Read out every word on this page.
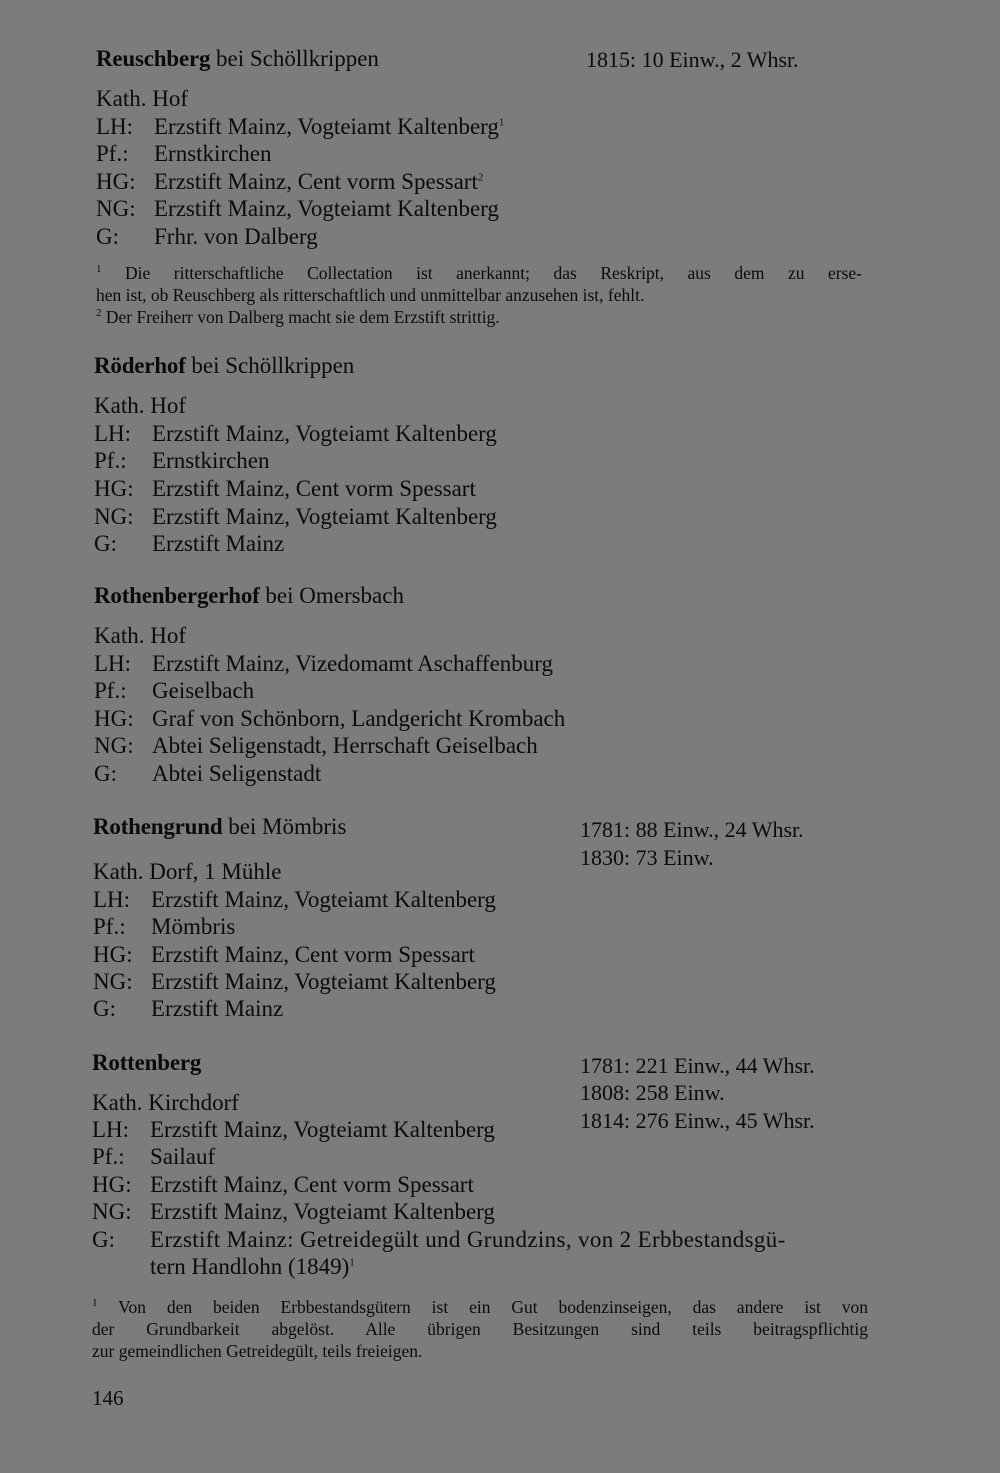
Reuschberg bei Schöllkrippen	1815: 10 Einw., 2 Whsr.
Kath. Hof
LH: Erzstift Mainz, Vogteiamt Kaltenberg$^1$
Pf.: Ernstkirchen
HG: Erzstift Mainz, Cent vorm Spessart$^2$
NG: Erzstift Mainz, Vogteiamt Kaltenberg
G: Frhr. von Dalberg
$^1$ Die ritterschaftliche Collectation ist anerkannt; das Reskript, aus dem zu erse-
hen ist, ob Reuschberg als ritterschaftlich und unmittelbar anzusehen ist, fehlt.
$^2$ Der Freiherr von Dalberg macht sie dem Erzstift strittig.
Röderhof bei Schöllkrippen
Kath. Hof
LH: Erzstift Mainz, Vogteiamt Kaltenberg
Pf.: Ernstkirchen
HG: Erzstift Mainz, Cent vorm Spessart
NG: Erzstift Mainz, Vogteiamt Kaltenberg
G: Erzstift Mainz
Rothenbergerhof bei Omersbach
Kath. Hof
LH: Erzstift Mainz, Vizedomamt Aschaffenburg
Pf.: Geiselbach
HG: Graf von Schönborn, Landgericht Krombach
NG: Abtei Seligenstadt, Herrschaft Geiselbach
G: Abtei Seligenstadt
Rothengrund bei Mömbris	1781: 88 Einw., 24 Whsr.
1830: 73 Einw.
Kath. Dorf, 1 Mühle
LH: Erzstift Mainz, Vogteiamt Kaltenberg
Pf.: Mömbris
HG: Erzstift Mainz, Cent vorm Spessart
NG: Erzstift Mainz, Vogteiamt Kaltenberg
G: Erzstift Mainz
Rottenberg	1781: 221 Einw., 44 Whsr.
1808: 258 Einw.
1814: 276 Einw., 45 Whsr.
Kath. Kirchdorf
LH: Erzstift Mainz, Vogteiamt Kaltenberg
Pf.: Sailauf
HG: Erzstift Mainz, Cent vorm Spessart
NG: Erzstift Mainz, Vogteiamt Kaltenberg
G: Erzstift Mainz: Getreidegült und Grundzins, von 2 Erbbestandsgü-
tern Handlohn $(1849)^1$
$^1$ Von den beiden Erbbestandsgütern ist ein Gut bodenzinseigen, das andere ist von
der Grundbarkeit abgelöst. Alle übrigen Besitzungen sind teils beitragspflichtig
zur gemeindlichen Getreidegült, teils freieigen.
146
